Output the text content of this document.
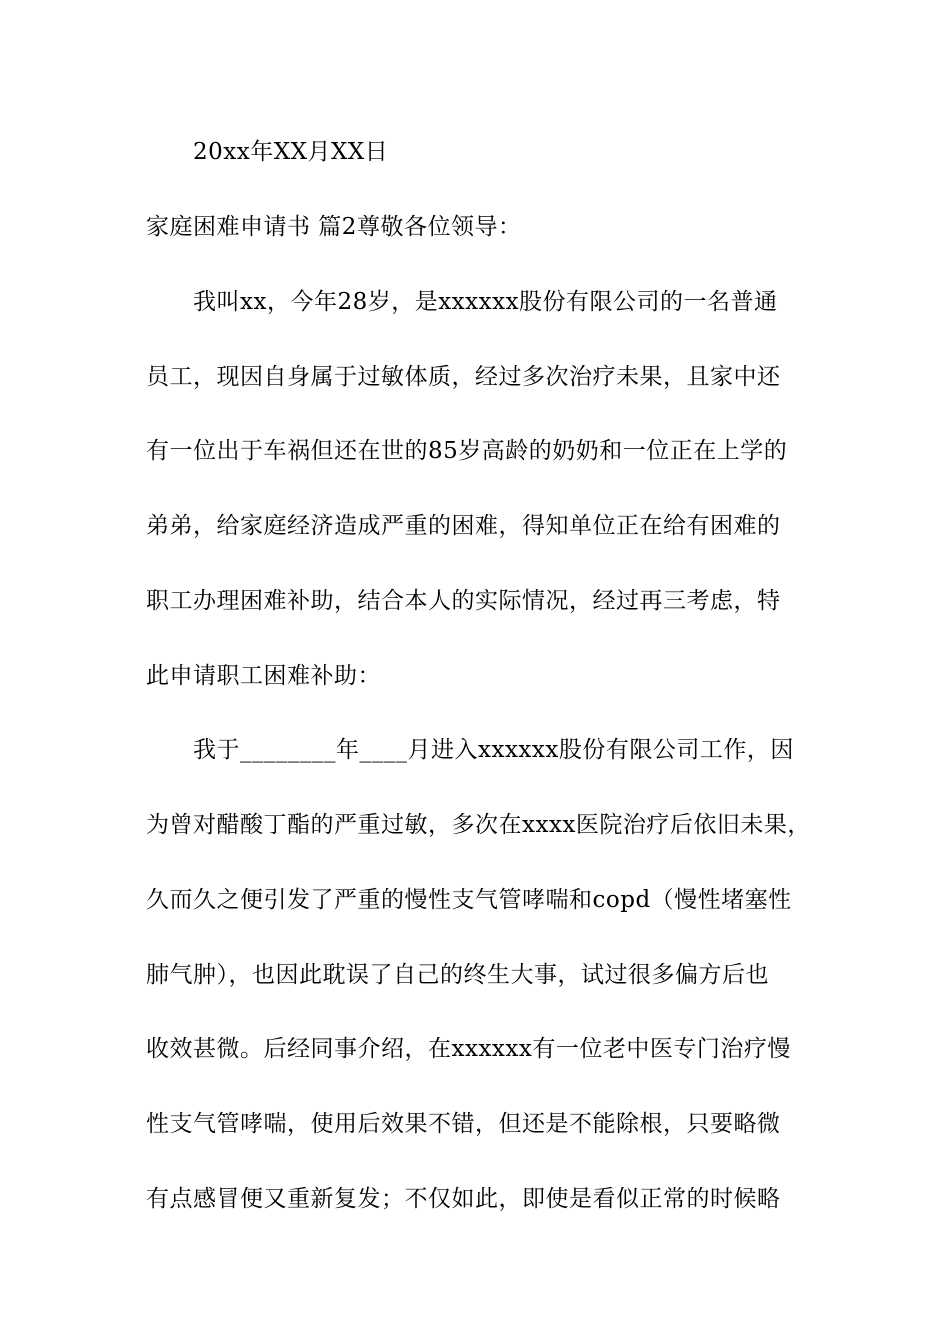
20xx年XX月XX日
家庭困难申请书 篇2尊敬各位领导：
我叫xx，今年28岁，是xxxxxx股份有限公司的一名普通
员工，现因自身属于过敏体质，经过多次治疗未果，且家中还
有一位出于车祸但还在世的85岁高龄的奶奶和一位正在上学的
弟弟，给家庭经济造成严重的困难，得知单位正在给有困难的
职工办理困难补助，结合本人的实际情况，经过再三考虑，特
此申请职工困难补助：
我于________年____月进入xxxxxx股份有限公司工作，因
为曾对醋酸丁酯的严重过敏，多次在xxxx医院治疗后依旧未果，
久而久之便引发了严重的慢性支气管哮喘和copd（慢性堵塞性
肺气肿），也因此耽误了自己的终生大事，试过很多偏方后也
收效甚微。后经同事介绍，在xxxxxx有一位老中医专门治疗慢
性支气管哮喘，使用后效果不错，但还是不能除根，只要略微
有点感冒便又重新复发；不仅如此，即使是看似正常的时候略
